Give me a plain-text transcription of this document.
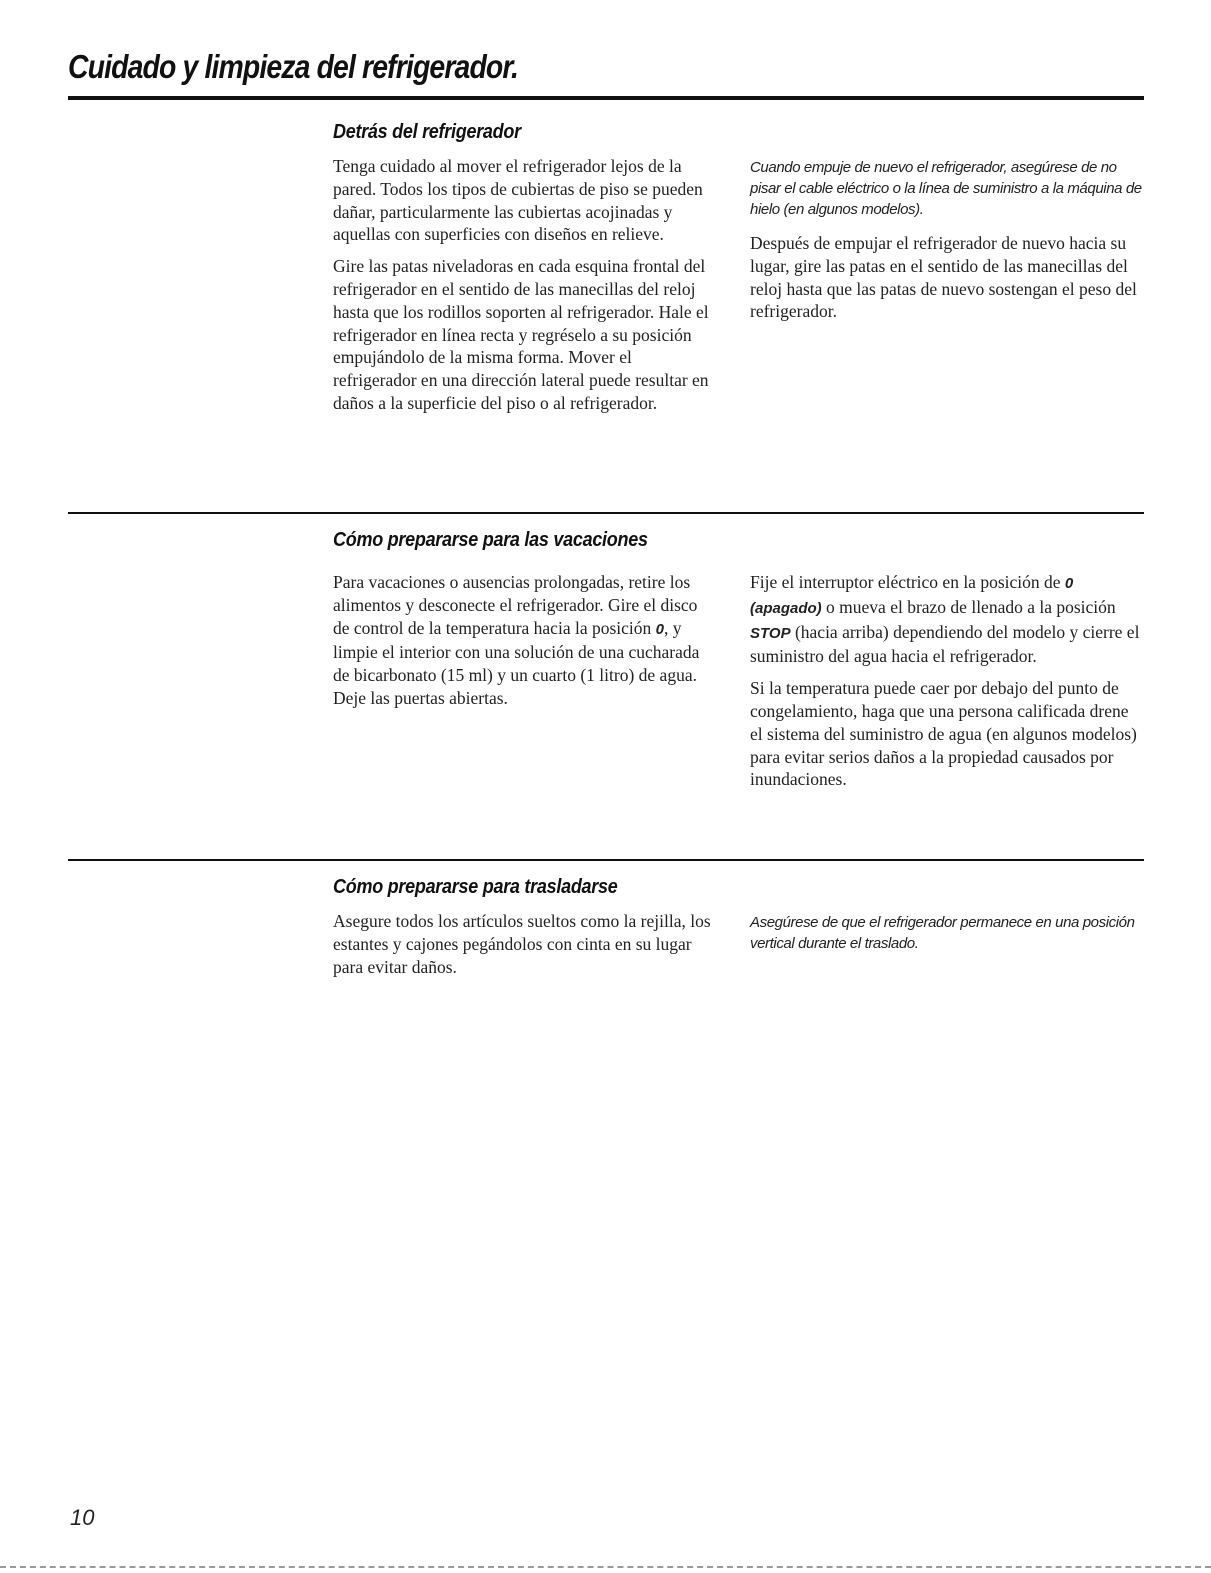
Cuidado y limpieza del refrigerador.
Detrás del refrigerador

Tenga cuidado al mover el refrigerador lejos de la pared. Todos los tipos de cubiertas de piso se pueden dañar, particularmente las cubiertas acojinadas y aquellas con superficies con diseños en relieve.

Gire las patas niveladoras en cada esquina frontal del refrigerador en el sentido de las manecillas del reloj hasta que los rodillos soporten al refrigerador. Hale el refrigerador en línea recta y regréselo a su posición empujándolo de la misma forma. Mover el refrigerador en una dirección lateral puede resultar en daños a la superficie del piso o al refrigerador.

Cuando empuje de nuevo el refrigerador, asegúrese de no pisar el cable eléctrico o la línea de suministro a la máquina de hielo (en algunos modelos).

Después de empujar el refrigerador de nuevo hacia su lugar, gire las patas en el sentido de las manecillas del reloj hasta que las patas de nuevo sostengan el peso del refrigerador.

Cómo prepararse para las vacaciones

Para vacaciones o ausencias prolongadas, retire los alimentos y desconecte el refrigerador. Gire el disco de control de la temperatura hacia la posición 0, y limpie el interior con una solución de una cucharada de bicarbonato (15 ml) y un cuarto (1 litro) de agua. Deje las puertas abiertas.

Fije el interruptor eléctrico en la posición de 0 (apagado) o mueva el brazo de llenado a la posición STOP (hacia arriba) dependiendo del modelo y cierre el suministro del agua hacia el refrigerador.

Si la temperatura puede caer por debajo del punto de congelamiento, haga que una persona calificada drene el sistema del suministro de agua (en algunos modelos) para evitar serios daños a la propiedad causados por inundaciones.

Cómo prepararse para trasladarse

Asegure todos los artículos sueltos como la rejilla, los estantes y cajones pegándolos con cinta en su lugar para evitar daños.

Asegúrese de que el refrigerador permanece en una posición vertical durante el traslado.

10
